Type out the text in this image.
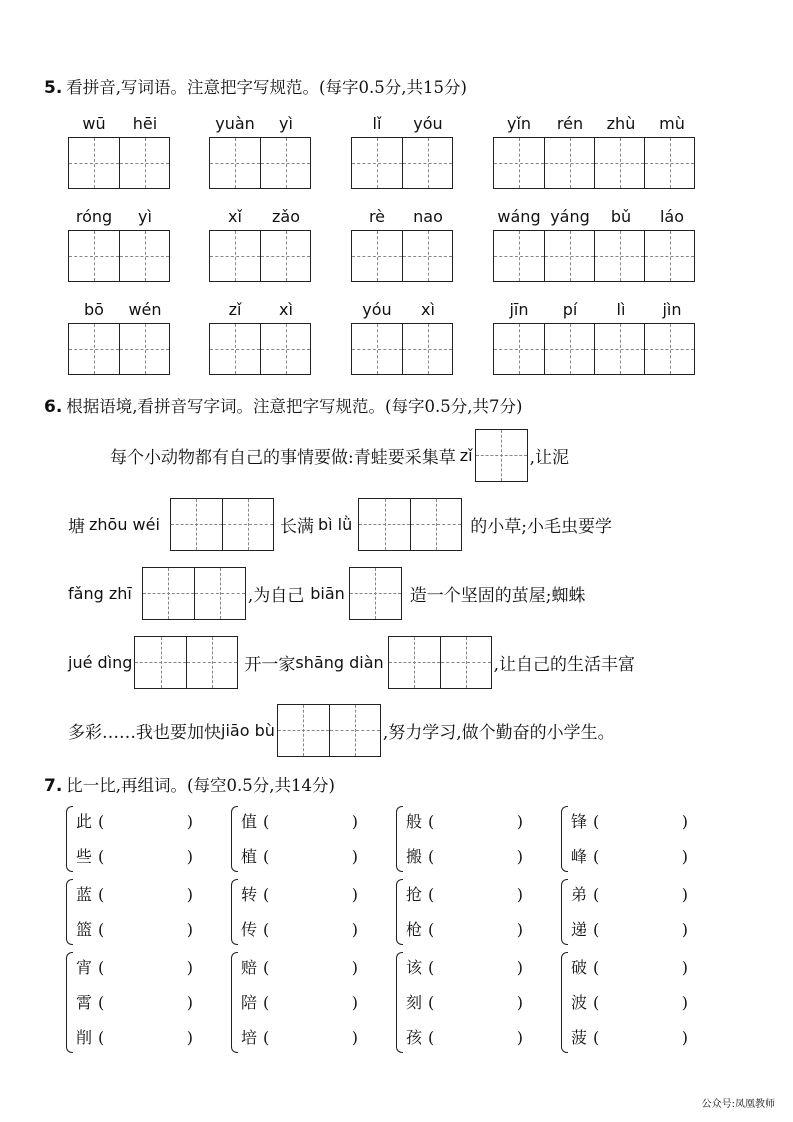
5. 看拼音,写词语。注意把字写规范。(每字0.5分,共15分)
wū	hēi	yuàn	yì	lǐ	yóu	yǐn	rén	zhù	mù
róng	yì	xǐ	zǎo	rè	nao	wáng yáng	bǔ	láo
bō	wén	zǐ	xì	yóu	xì	jīn	pí	lì	jìn
6. 根据语境,看拼音写字词。注意把字写规范。(每字0.5分,共7分)
每个小动物都有自己的事情要做:青蛙要采集草 zǐ	,让泥
塘 zhōu wéi	长满 bì lǜ	的小草;小毛虫要学
fǎng zhī	,为自己 biān	造一个坚固的茧屋;蜘蛛
jué dìng	开一家 shāng diàn	,让自己的生活丰富
多彩……我也要加快 jiāo bù	,努力学习,做个勤奋的小学生。
7. 比一比,再组词。(每空0.5分,共14分)
此 (	)
些 (	)
值 (	)
植 (	)
般 (	)
搬 (	)
锋 (	)
峰 (	)
蓝 (	)
篮 (	)
转 (	)
传 (	)
抢 (	)
枪 (	)
弟 (	)
递 (	)
宵 (	)
霄 (	)
削 (	)
赔 (	)
陪 (	)
培 (	)
该 (	)
刻 (	)
孩 (	)
破 (	)
波 (	)
菠 (	)
公众号:凤凰教师
